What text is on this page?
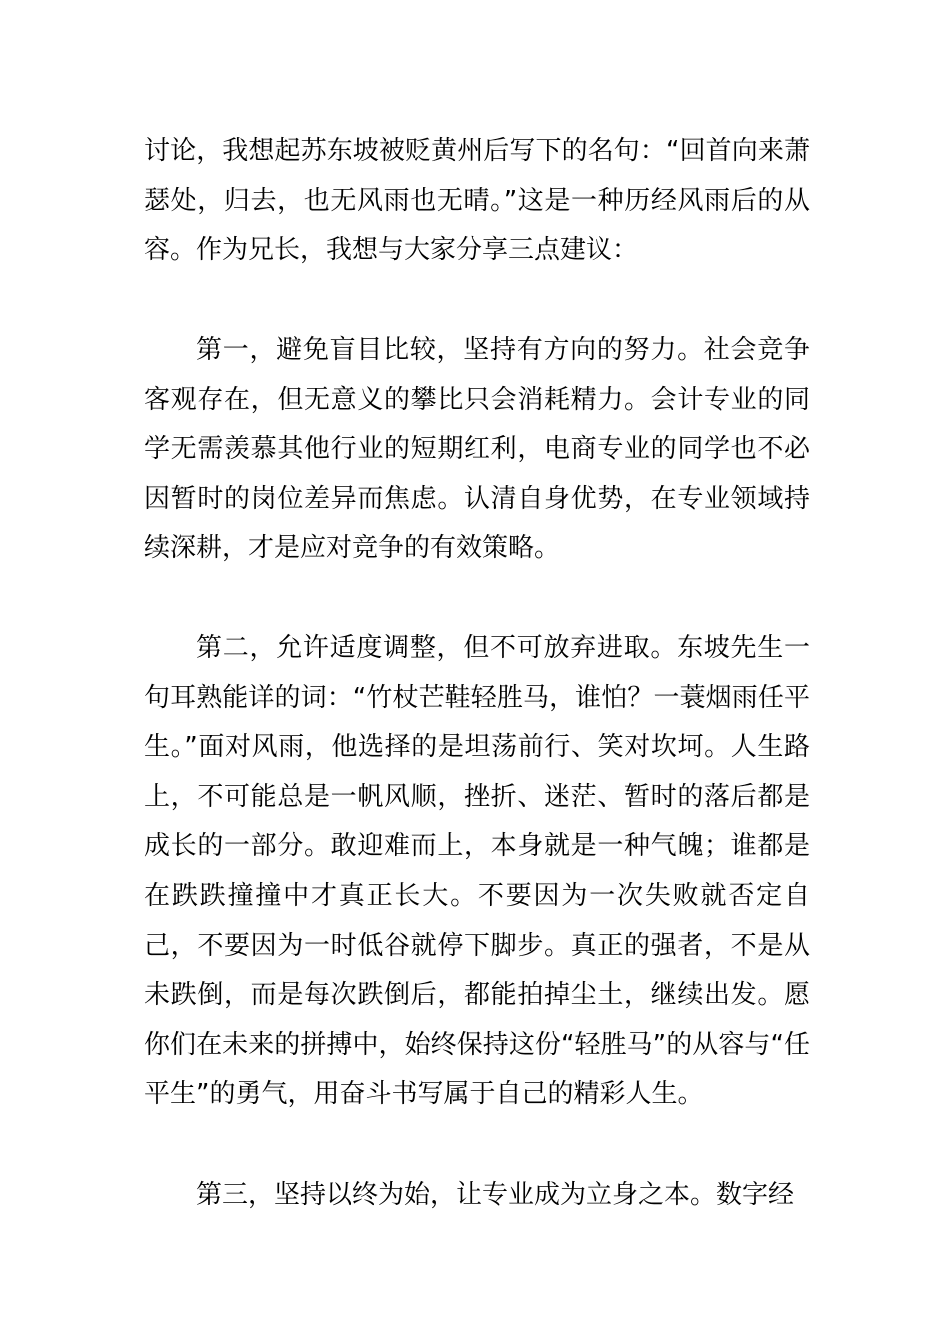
讨论，我想起苏东坡被贬黄州后写下的名句：“回首向来萧瑟处，归去，也无风雨也无晴。”这是一种历经风雨后的从容。作为兄长，我想与大家分享三点建议：

第一，避免盲目比较，坚持有方向的努力。社会竞争客观存在，但无意义的攀比只会消耗精力。会计专业的同学无需羡慕其他行业的短期红利，电商专业的同学也不必因暂时的岗位差异而焦虑。认清自身优势，在专业领域持续深耕，才是应对竞争的有效策略。

第二，允许适度调整，但不可放弃进取。东坡先生一句耳熟能详的词：“竹杖芒鞋轻胜马，谁怕？一蓑烟雨任平生。”面对风雨，他选择的是坦荡前行、笑对坎坷。人生路上，不可能总是一帆风顺，挫折、迷茫、暂时的落后都是成长的一部分。敢迎难而上，本身就是一种气魄；谁都是在跌跌撞撞中才真正长大。不要因为一次失败就否定自己，不要因为一时低谷就停下脚步。真正的强者，不是从未跌倒，而是每次跌倒后，都能拍掉尘土，继续出发。愿你们在未来的拼搏中，始终保持这份“轻胜马”的从容与“任平生”的勇气，用奋斗书写属于自己的精彩人生。

第三，坚持以终为始，让专业成为立身之本。数字经
